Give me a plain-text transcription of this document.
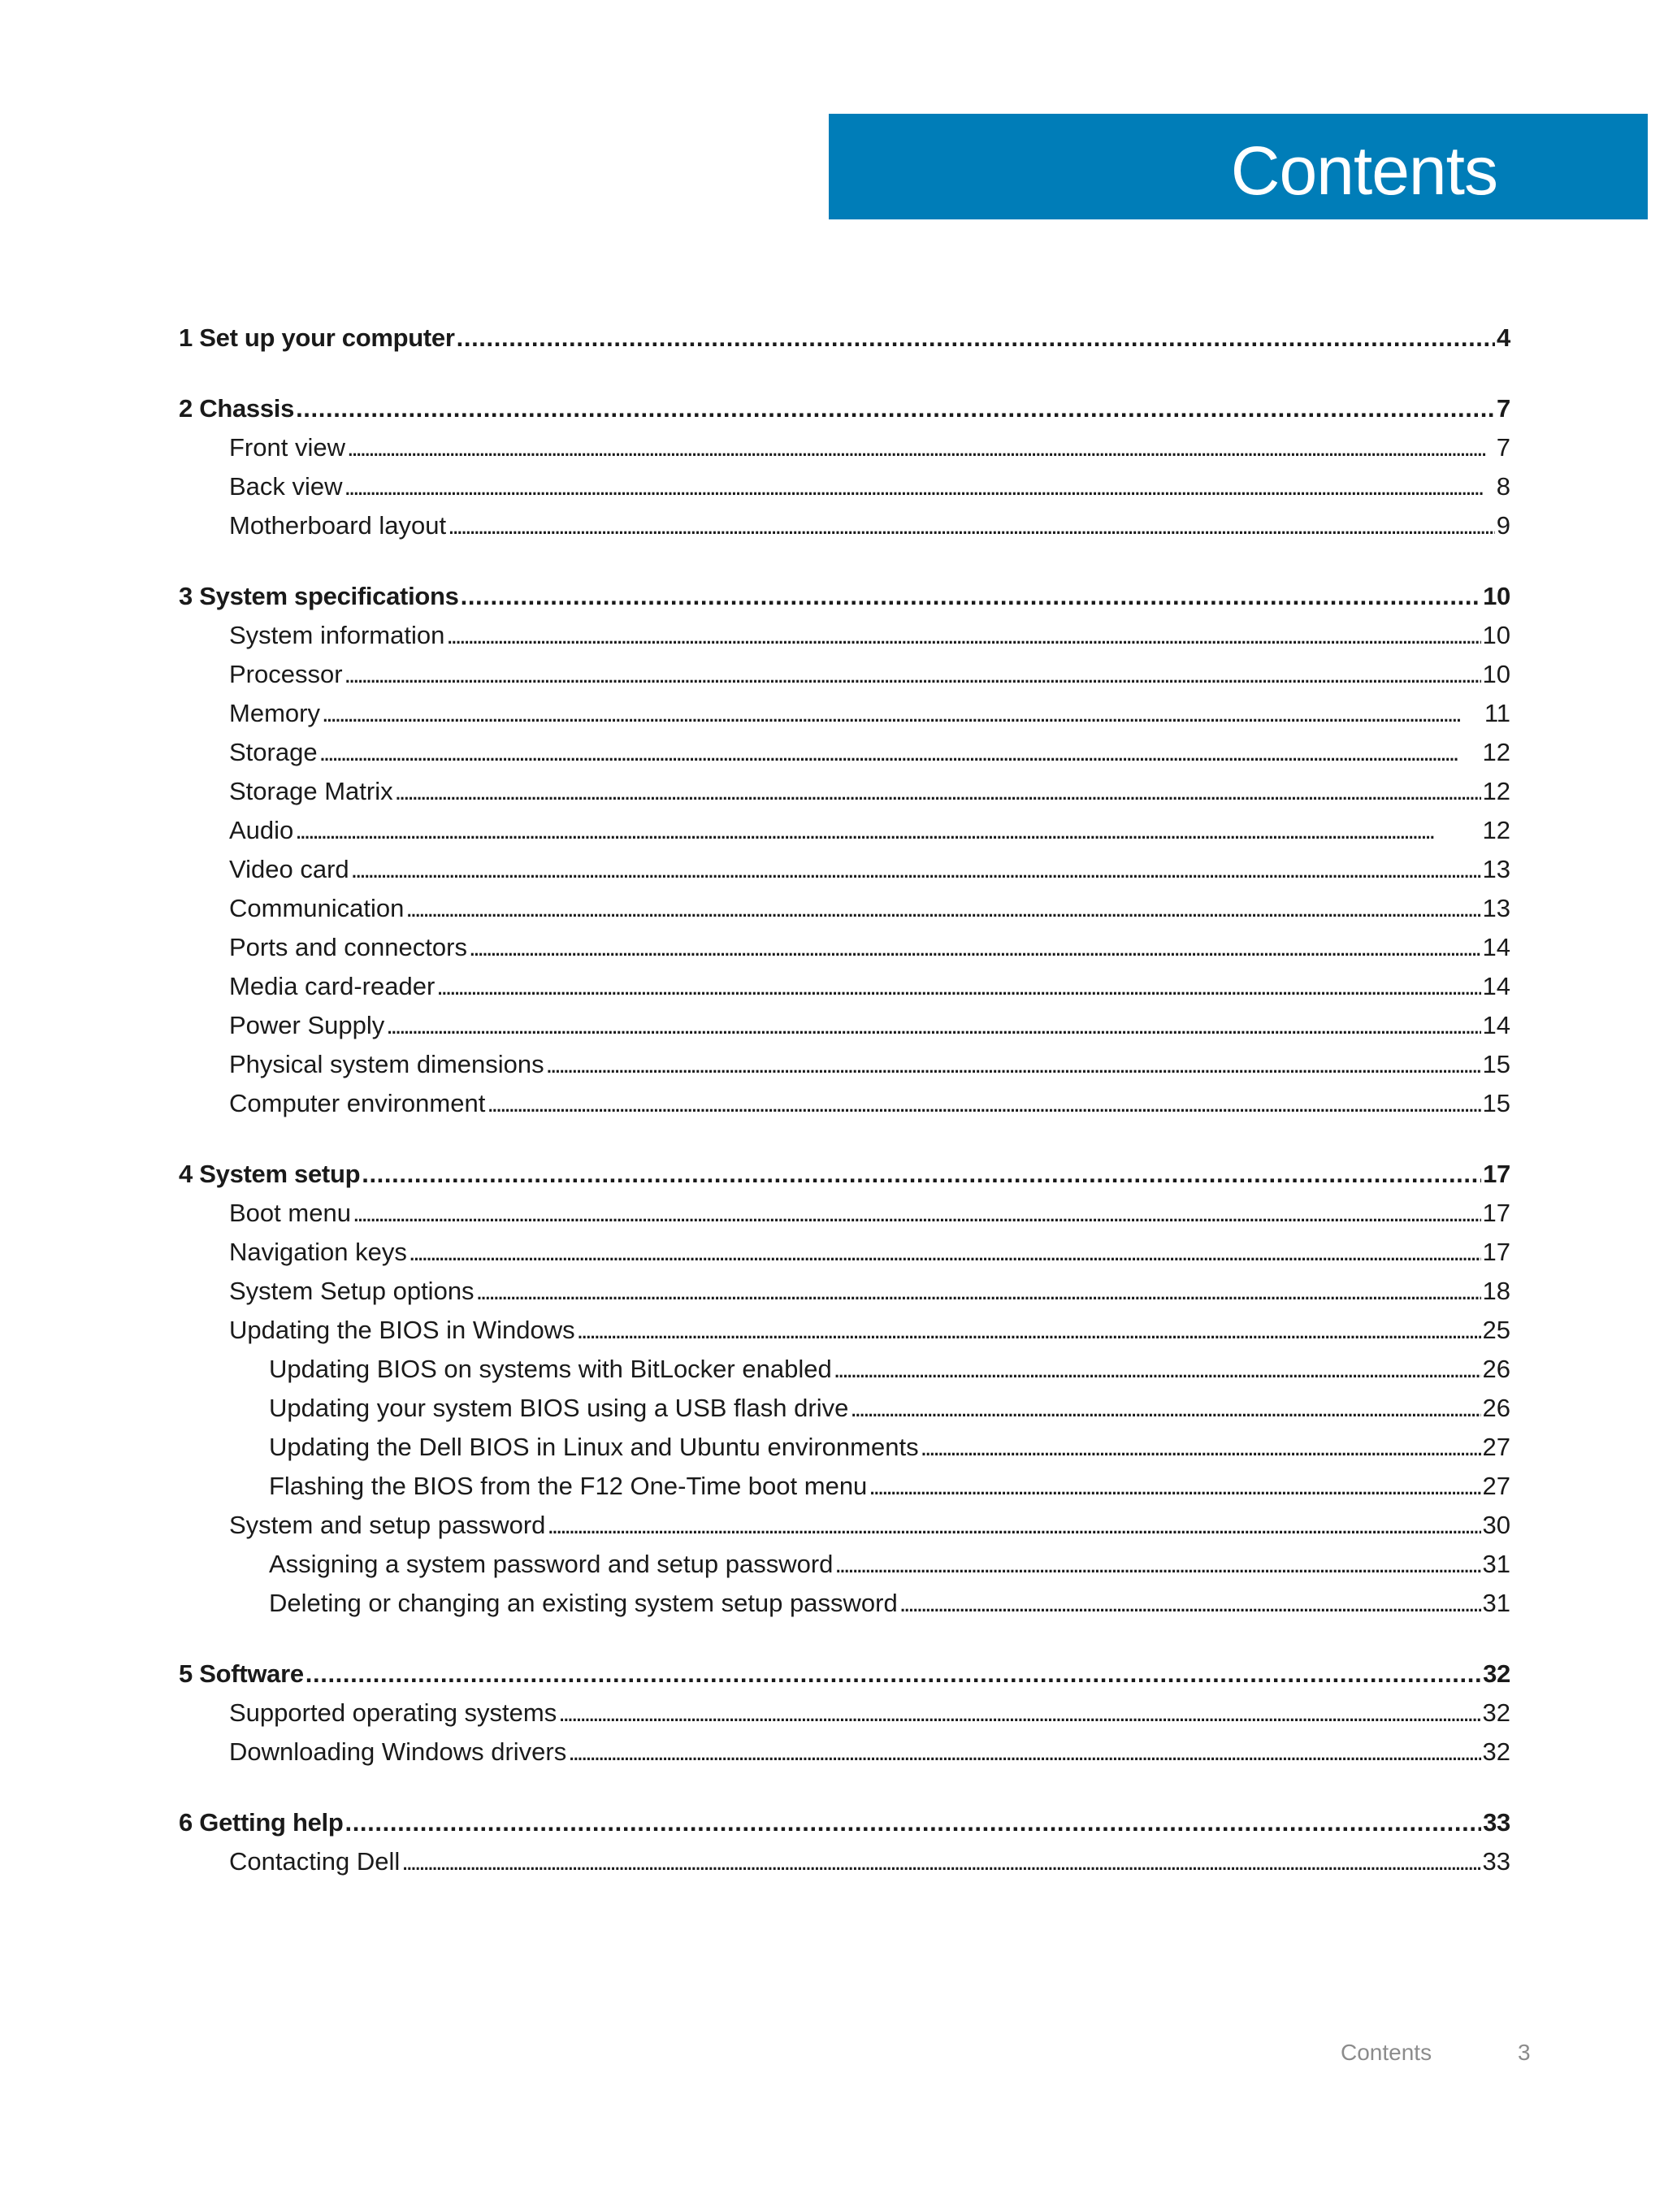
Contents
1 Set up your computer . . .	4
2 Chassis . . .	7
Front view . . .	7
Back view . . .	8
Motherboard layout . . .	9
3 System specifications . . .	10
System information . . .	10
Processor . . .	10
Memory . . .	11
Storage . . .	12
Storage Matrix . . .	12
Audio . . .	12
Video card . . .	13
Communication . . .	13
Ports and connectors . . .	14
Media card-reader . . .	14
Power Supply . . .	14
Physical system dimensions . . .	15
Computer environment . . .	15
4 System setup . . .	17
Boot menu . . .	17
Navigation keys . . .	17
System Setup options . . .	18
Updating the BIOS in Windows . . .	25
Updating BIOS on systems with BitLocker enabled . . .	26
Updating your system BIOS using a USB flash drive . . .	26
Updating the Dell BIOS in Linux and Ubuntu environments . . .	27
Flashing the BIOS from the F12 One-Time boot menu . . .	27
System and setup password . . .	30
Assigning a system password and setup password . . .	31
Deleting or changing an existing system setup password . . .	31
5 Software . . .	32
Supported operating systems . . .	32
Downloading Windows drivers . . .	32
6 Getting help . . .	33
Contacting Dell . . .	33
Contents	3
